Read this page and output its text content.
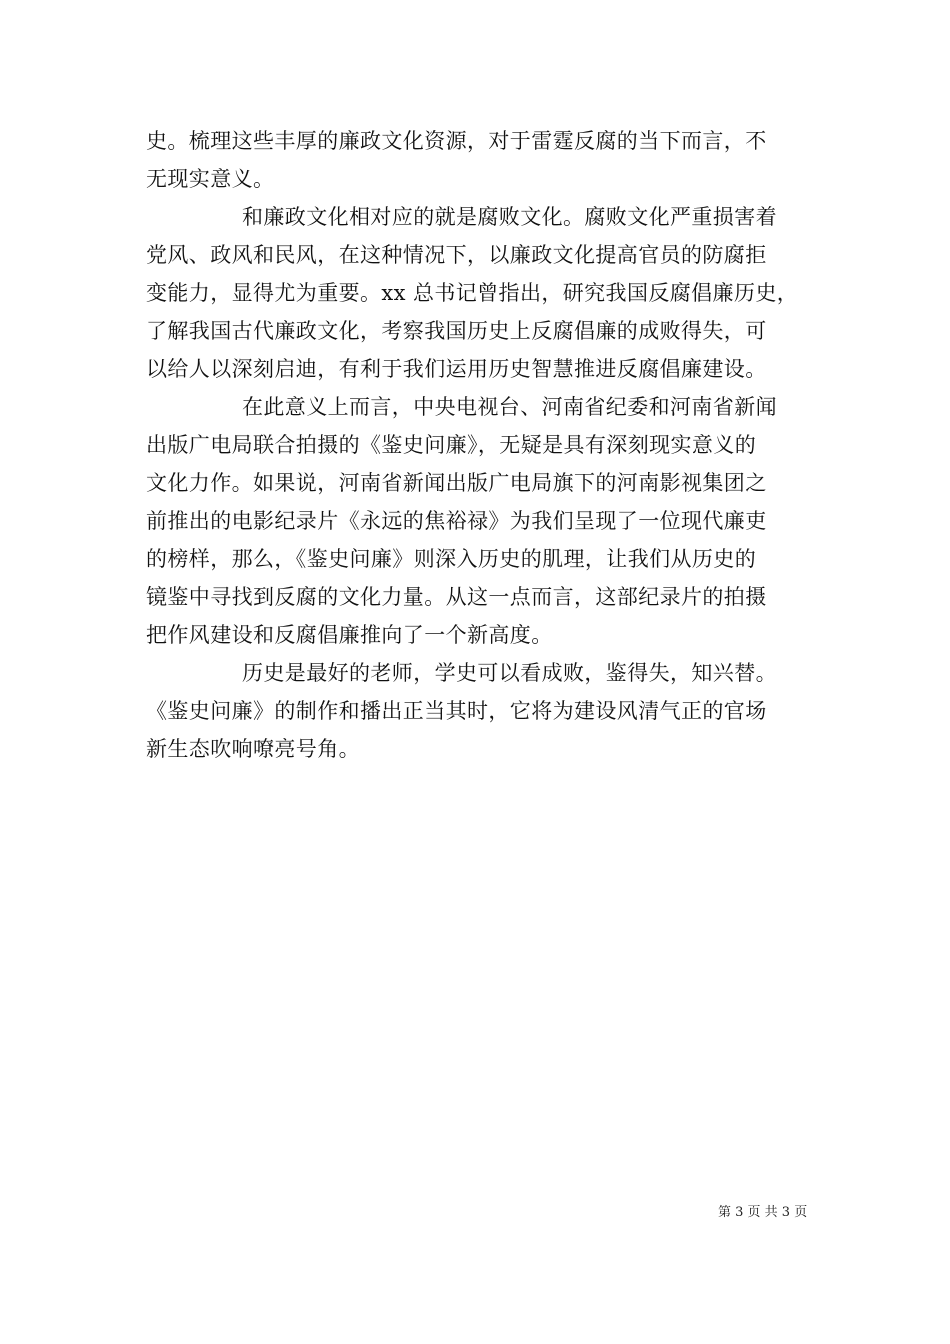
史。梳理这些丰厚的廉政文化资源，对于雷霆反腐的当下而言，不
无现实意义。
和廉政文化相对应的就是腐败文化。腐败文化严重损害着
党风、政风和民风，在这种情况下，以廉政文化提高官员的防腐拒
变能力，显得尤为重要。xx 总书记曾指出，研究我国反腐倡廉历史，
了解我国古代廉政文化，考察我国历史上反腐倡廉的成败得失，可
以给人以深刻启迪，有利于我们运用历史智慧推进反腐倡廉建设。
在此意义上而言，中央电视台、河南省纪委和河南省新闻
出版广电局联合拍摄的《鉴史问廉》，无疑是具有深刻现实意义的
文化力作。如果说，河南省新闻出版广电局旗下的河南影视集团之
前推出的电影纪录片《永远的焦裕禄》为我们呈现了一位现代廉吏
的榜样，那么，《鉴史问廉》则深入历史的肌理，让我们从历史的
镜鉴中寻找到反腐的文化力量。从这一点而言，这部纪录片的拍摄
把作风建设和反腐倡廉推向了一个新高度。
历史是最好的老师，学史可以看成败，鉴得失，知兴替。
《鉴史问廉》的制作和播出正当其时，它将为建设风清气正的官场
新生态吹响嘹亮号角。
第 3 页 共 3 页
